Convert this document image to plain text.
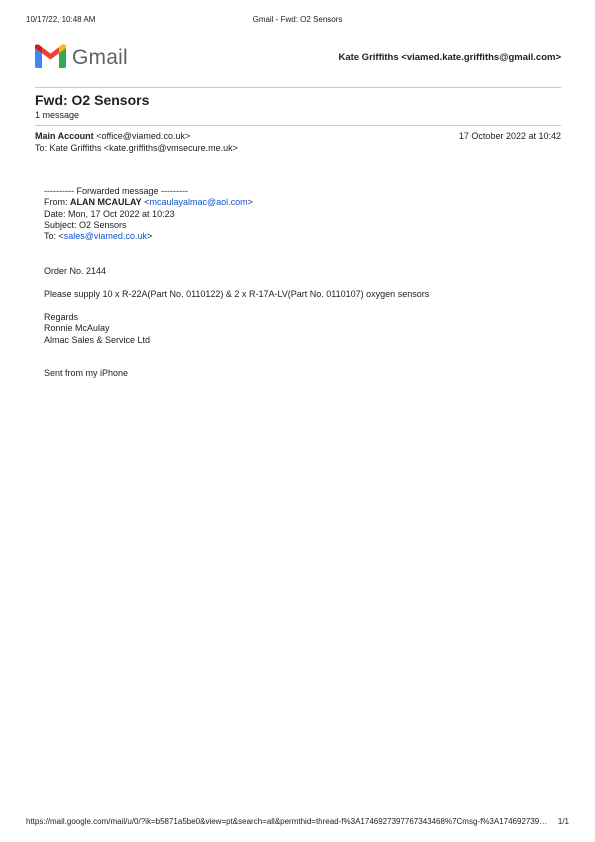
10/17/22, 10:48 AM	Gmail - Fwd: O2 Sensors
Gmail	Kate Griffiths <viamed.kate.griffiths@gmail.com>
Fwd: O2 Sensors
1 message
Main Account <office@viamed.co.uk>	17 October 2022 at 10:42
To: Kate Griffiths <kate.griffiths@vmsecure.me.uk>
---------- Forwarded message ---------
From: ALAN MCAULAY <mcaulayalmac@aol.com>
Date: Mon, 17 Oct 2022 at 10:23
Subject: O2 Sensors
To: <sales@viamed.co.uk>
Order No. 2144
Please supply 10 x R-22A(Part No. 0110122) & 2 x R-17A-LV(Part No. 0110107) oxygen sensors
Regards
Ronnie McAulay
Almac Sales & Service Ltd
Sent from my iPhone
https://mail.google.com/mail/u/0/?ik=b5871a5be0&view=pt&search=all&permthid=thread-f%3A1746927397767343468%7Cmsg-f%3A174692739… 1/1
